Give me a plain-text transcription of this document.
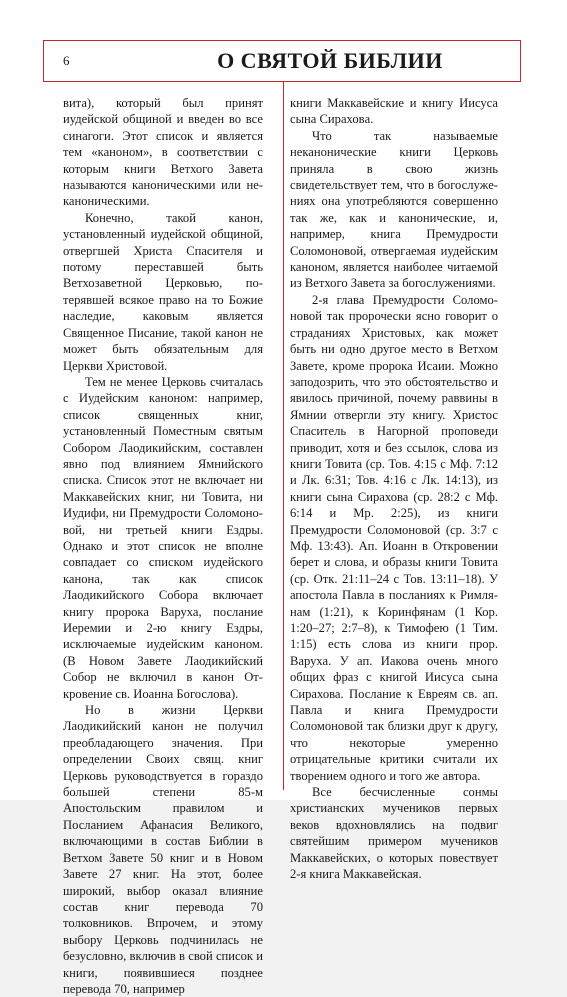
6	О СВЯТОЙ БИБЛИИ

вита), который был принят иудейской общиной и введен во все синагоги. Этот список и является тем «каноном», в соответствии с которым книги Ветхого Завета называются каноническими или неканоническими.

Конечно, такой канон, установленный иудейской общиной, отвергшей Христа Спасителя и потому переставшей быть Ветхозаветной Церковью, потерявшей всякое право на то Божие наследие, каковым является Священное Писание, такой канон не может быть обязательным для Церкви Христовой.

Тем не менее Церковь считалась с Иудейским каноном: например, список священных книг, установленный Поместным святым Собором Лаодикийским, составлен явно под влиянием Ямнийского списка. Список этот не включает ни Маккавейских книг, ни Товита, ни Иудифи, ни Премудрости Соломоновой, ни третьей книги Ездры. Однако и этот список не вполне совпадает со списком иудейского канона, так как список Лаодикийского Собора включает книгу пророка Варуха, послание Иеремии и 2-ю книгу Ездры, исключаемые иудейским каноном. (В Новом Завете Лаодикийский Собор не включил в канон Откровение св. Иоанна Богослова).

Но в жизни Церкви Лаодикийский канон не получил преобладающего значения. При определении Своих свящ. книг Церковь руководствуется в гораздо большей степени 85-м Апостольским правилом и Посланием Афанасия Великого, включающими в состав Библии в Ветхом Завете 50 книг и в Новом Завете 27 книг. На этот, более широкий, выбор оказал влияние состав книг перевода 70 толковников. Впрочем, и этому выбору Церковь подчинилась не безусловно, включив в свой список и книги, появившиеся позднее перевода 70, например

книги Маккавейские и книгу Иисуса сына Сираховa.

Что так называемые неканонические книги Церковь приняла в свою жизнь свидетельствует тем, что в богослужениях она употребляются совершенно так же, как и канонические, и, например, книга Премудрости Соломоновой, отвергаемая иудейским каноном, является наиболее читаемой из Ветхого Завета за богослужениями.

2-я глава Премудрости Соломоновой так пророчески ясно говорит о страданиях Христовых, как может быть ни одно другое место в Ветхом Завете, кроме пророка Исаии. Можно заподозрить, что это обстоятельство и явилось причиной, почему раввины в Ямнии отвергли эту книгу. Христос Спаситель в Нагорной проповеди приводит, хотя и без ссылок, слова из книги Товита (ср. Тов. 4:15 с Мф. 7:12 и Лк. 6:31; Тов. 4:16 с Лк. 14:13), из книги сына Сирахова (ср. 28:2 с Мф. 6:14 и Мр. 2:25), из книги Премудрости Соломоновой (ср. 3:7 с Мф. 13:43). Ап. Иоанн в Откровении берет и слова, и образы книги Товита (ср. Отк. 21:11–24 с Тов. 13:11–18). У апостола Павла в посланиях к Римлянам (1:21), к Коринфянам (1 Кор. 1:20–27; 2:7–8), к Тимофею (1 Тим. 1:15) есть слова из книги прор. Варуха. У ап. Иакова очень много общих фраз с книгой Иисуса сына Сирахова. Послание к Евреям св. ап. Павла и книга Премудрости Соломоновой так близки друг к другу, что некоторые умеренно отрицательные критики считали их творением одного и того же автора.

Все бесчисленные сонмы христианских мучеников первых веков вдохновлялись на подвиг святейшим примером мучеников Маккавейских, о которых повествует 2-я книга Маккавейская.
